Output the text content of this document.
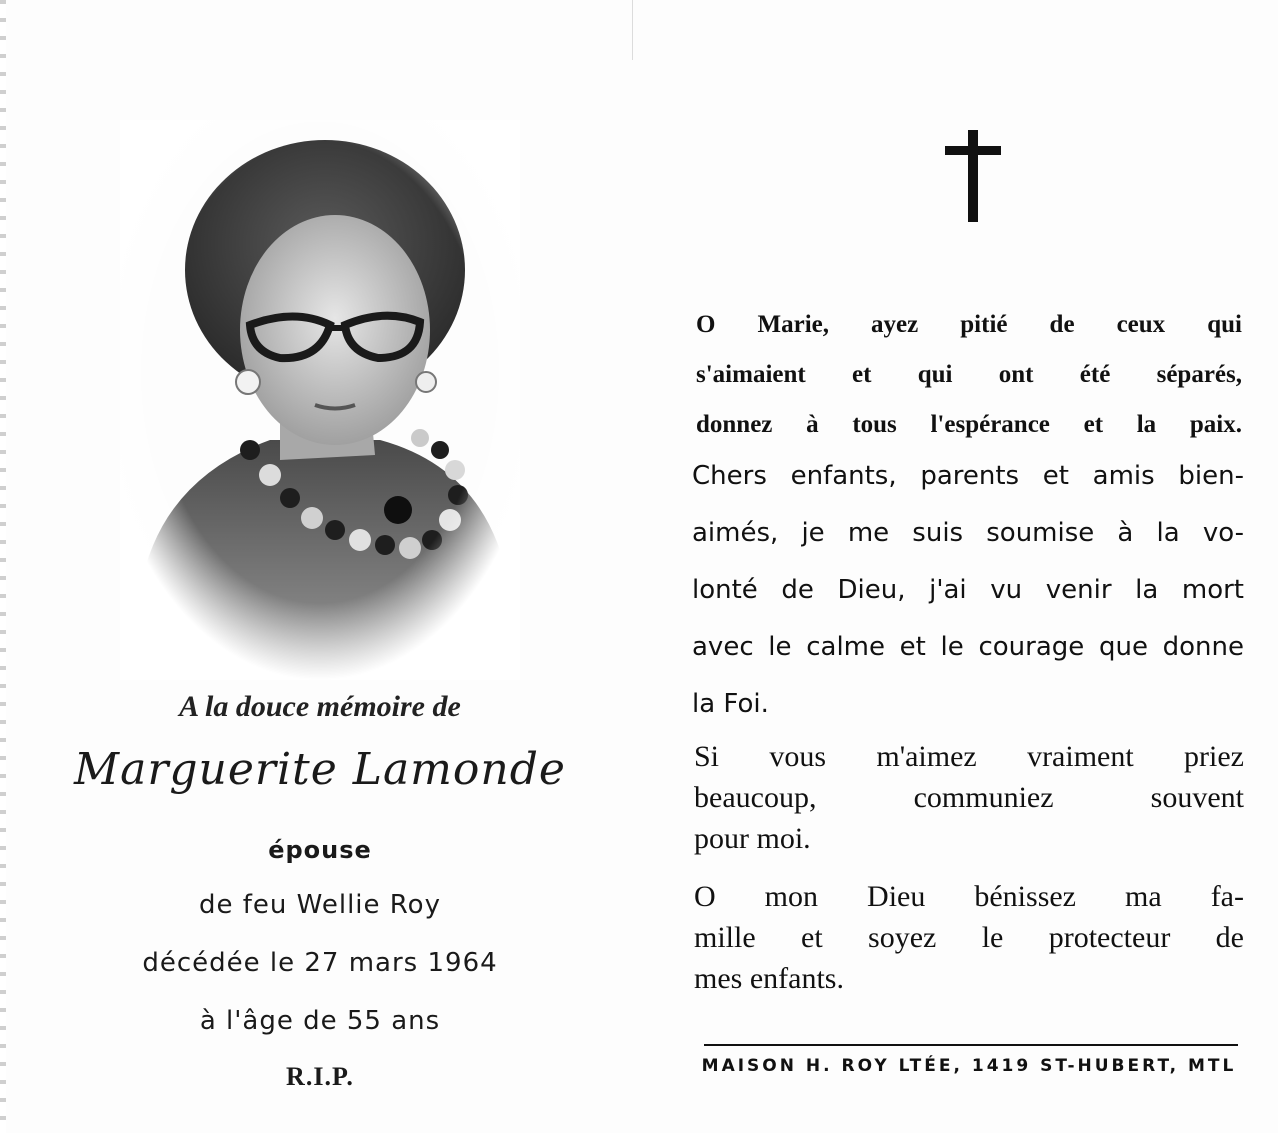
A la douce mémoire de
Marguerite Lamonde
épouse
de feu Wellie Roy
décédée le 27 mars 1964
à l'âge de 55 ans
R.I.P.

O Marie, ayez pitié de ceux qui

s'aimaient et qui ont été séparés,

donnez à tous l'espérance et la paix.

Chers enfants, parents et amis bien-
aimés, je me suis soumise à la vo-
lonté de Dieu, j'ai vu venir la mort
avec le calme et le courage que donne
la Foi.
Si vous m'aimez vraiment priez
beaucoup, communiez souvent
pour moi.
O mon Dieu bénissez ma fa-
mille et soyez le protecteur de
mes enfants.
MAISON H. ROY LTÉE, 1419 ST-HUBERT, MTL
